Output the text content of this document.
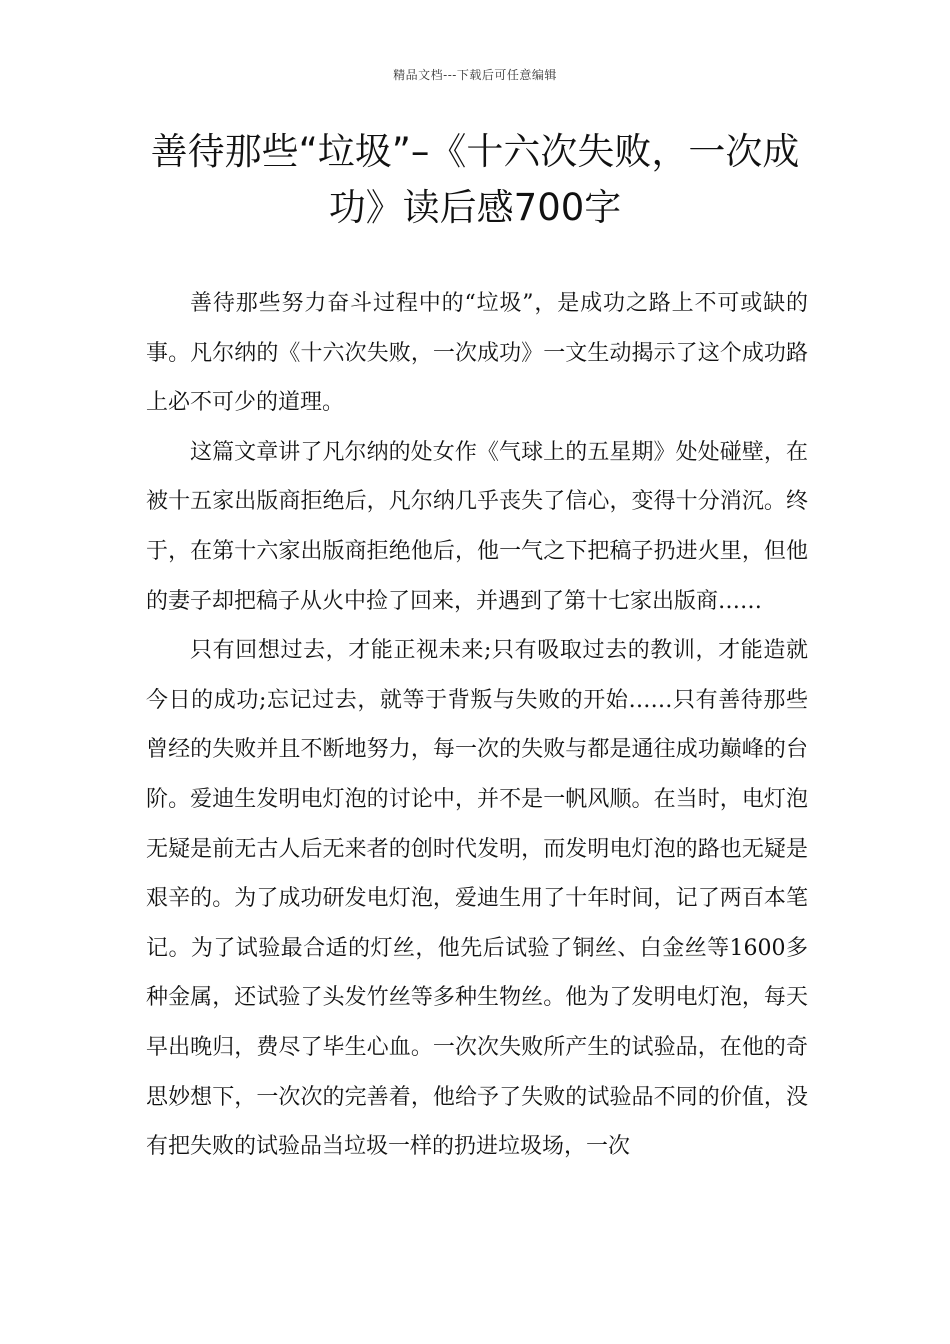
精品文档---下载后可任意编辑
善待那些“垃圾”–《十六次失败，一次成功》读后感700字

善待那些努力奋斗过程中的“垃圾”，是成功之路上不可或缺的事。凡尔纳的《十六次失败，一次成功》一文生动揭示了这个成功路上必不可少的道理。

这篇文章讲了凡尔纳的处女作《气球上的五星期》处处碰壁，在被十五家出版商拒绝后，凡尔纳几乎丧失了信心，变得十分消沉。终于，在第十六家出版商拒绝他后，他一气之下把稿子扔进火里，但他的妻子却把稿子从火中捡了回来，并遇到了第十七家出版商……

只有回想过去，才能正视未来;只有吸取过去的教训，才能造就今日的成功;忘记过去，就等于背叛与失败的开始……只有善待那些曾经的失败并且不断地努力，每一次的失败与都是通往成功巅峰的台阶。爱迪生发明电灯泡的讨论中，并不是一帆风顺。在当时，电灯泡无疑是前无古人后无来者的创时代发明，而发明电灯泡的路也无疑是艰辛的。为了成功研发电灯泡，爱迪生用了十年时间，记了两百本笔记。为了试验最合适的灯丝，他先后试验了铜丝、白金丝等1600多种金属，还试验了头发竹丝等多种生物丝。他为了发明电灯泡，每天早出晚归，费尽了毕生心血。一次次失败所产生的试验品，在他的奇思妙想下，一次次的完善着，他给予了失败的试验品不同的价值，没有把失败的试验品当垃圾一样的扔进垃圾场，一次
